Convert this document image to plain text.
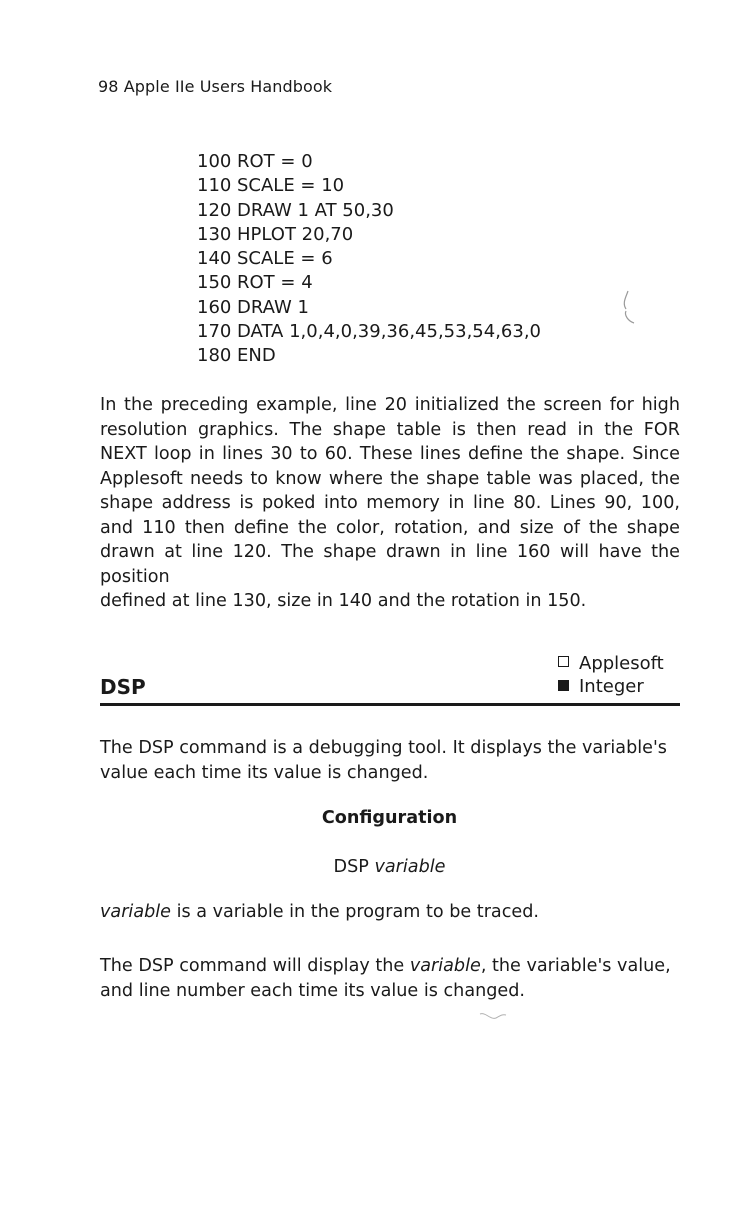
98 Apple IIe Users Handbook
100 ROT = 0
110 SCALE = 10
120 DRAW 1 AT 50,30
130 HPLOT 20,70
140 SCALE = 6
150 ROT = 4
160 DRAW 1
170 DATA 1,0,4,0,39,36,45,53,54,63,0
180 END
In the preceding example, line 20 initialized the screen for high resolution graphics. The shape table is then read in the FOR NEXT loop in lines 30 to 60. These lines define the shape. Since Applesoft needs to know where the shape table was placed, the shape address is poked into memory in line 80. Lines 90, 100, and 110 then define the color, rotation, and size of the shape drawn at line 120. The shape drawn in line 160 will have the position
defined at line 130, size in 140 and the rotation in 150.
Applesoft
Integer
DSP
The DSP command is a debugging tool. It displays the variable's value each time its value is changed.
Configuration
DSP variable
variable is a variable in the program to be traced.
The DSP command will display the variable, the variable's value, and line number each time its value is changed.
